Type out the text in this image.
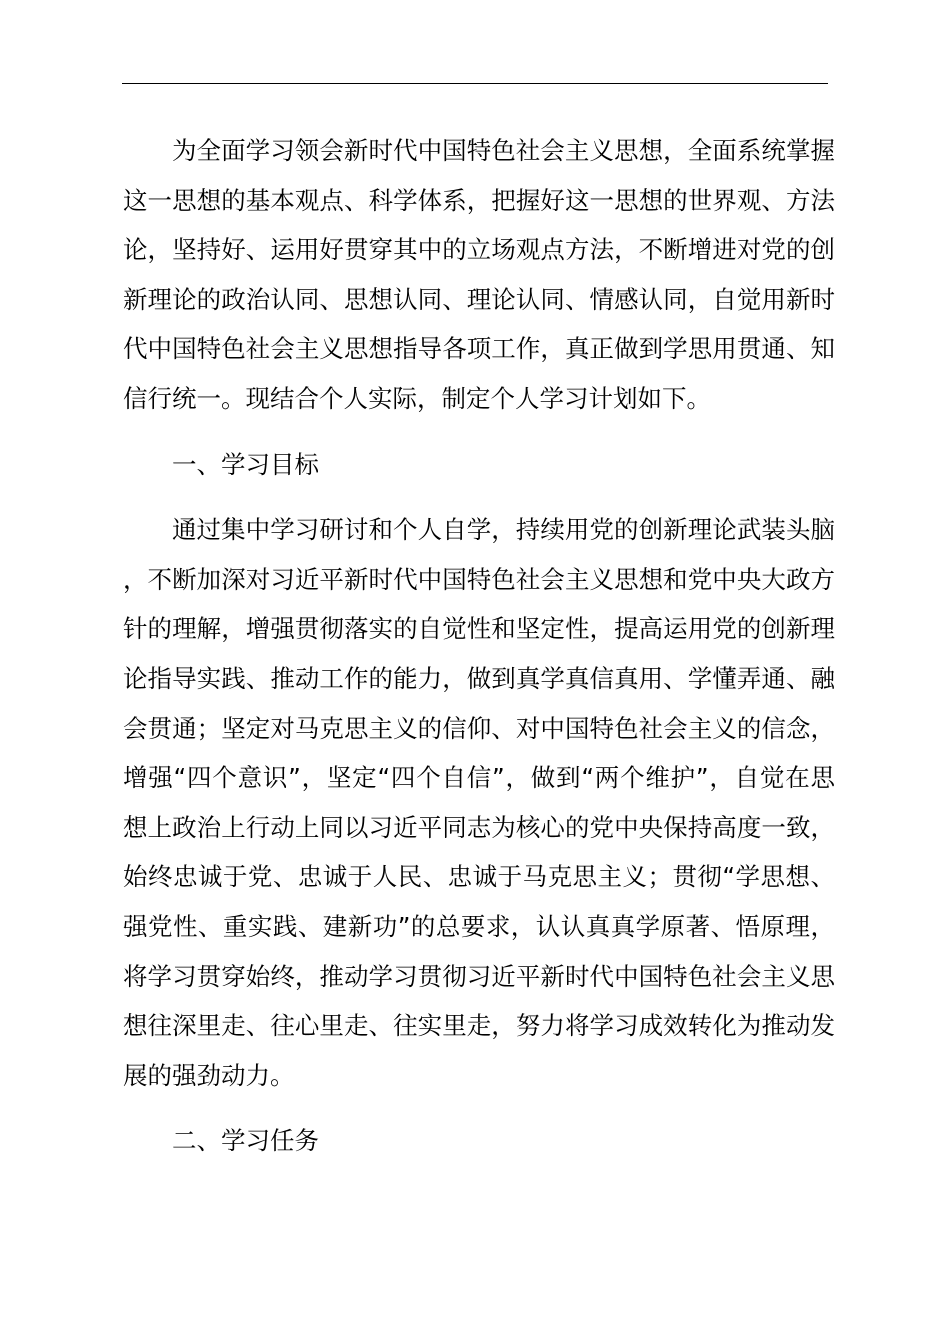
为全面学习领会新时代中国特色社会主义思想，全面系统掌握这一思想的基本观点、科学体系，把握好这一思想的世界观、方法论，坚持好、运用好贯穿其中的立场观点方法，不断增进对党的创新理论的政治认同、思想认同、理论认同、情感认同，自觉用新时代中国特色社会主义思想指导各项工作，真正做到学思用贯通、知信行统一。现结合个人实际，制定个人学习计划如下。

一、学习目标

通过集中学习研讨和个人自学，持续用党的创新理论武装头脑，不断加深对习近平新时代中国特色社会主义思想和党中央大政方针的理解，增强贯彻落实的自觉性和坚定性，提高运用党的创新理论指导实践、推动工作的能力，做到真学真信真用、学懂弄通、融会贯通；坚定对马克思主义的信仰、对中国特色社会主义的信念，增强“四个意识”，坚定“四个自信”，做到“两个维护”，自觉在思想上政治上行动上同以习近平同志为核心的党中央保持高度一致，始终忠诚于党、忠诚于人民、忠诚于马克思主义；贯彻“学思想、强党性、重实践、建新功”的总要求，认认真真学原著、悟原理，将学习贯穿始终，推动学习贯彻习近平新时代中国特色社会主义思想往深里走、往心里走、往实里走，努力将学习成效转化为推动发展的强劲动力。

二、学习任务
